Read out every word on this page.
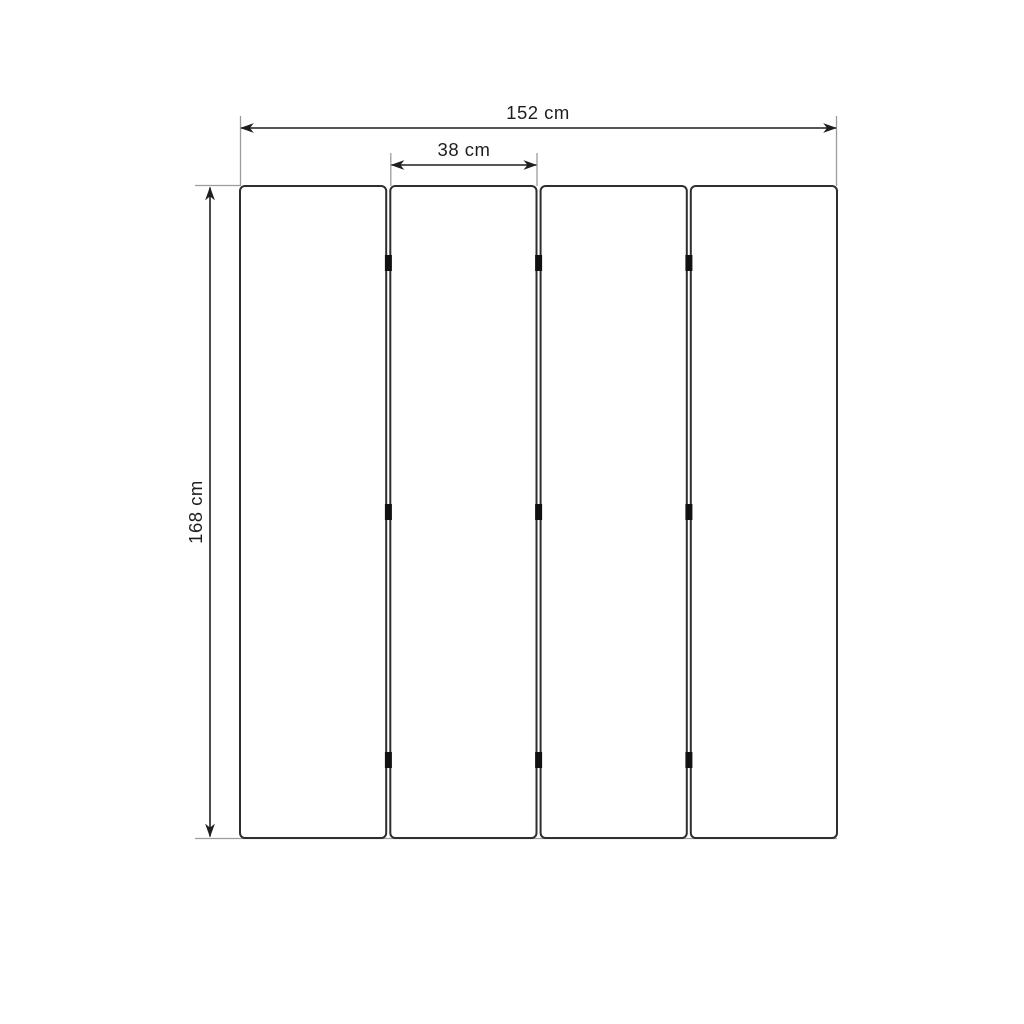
152 cm
38 cm
168 cm
